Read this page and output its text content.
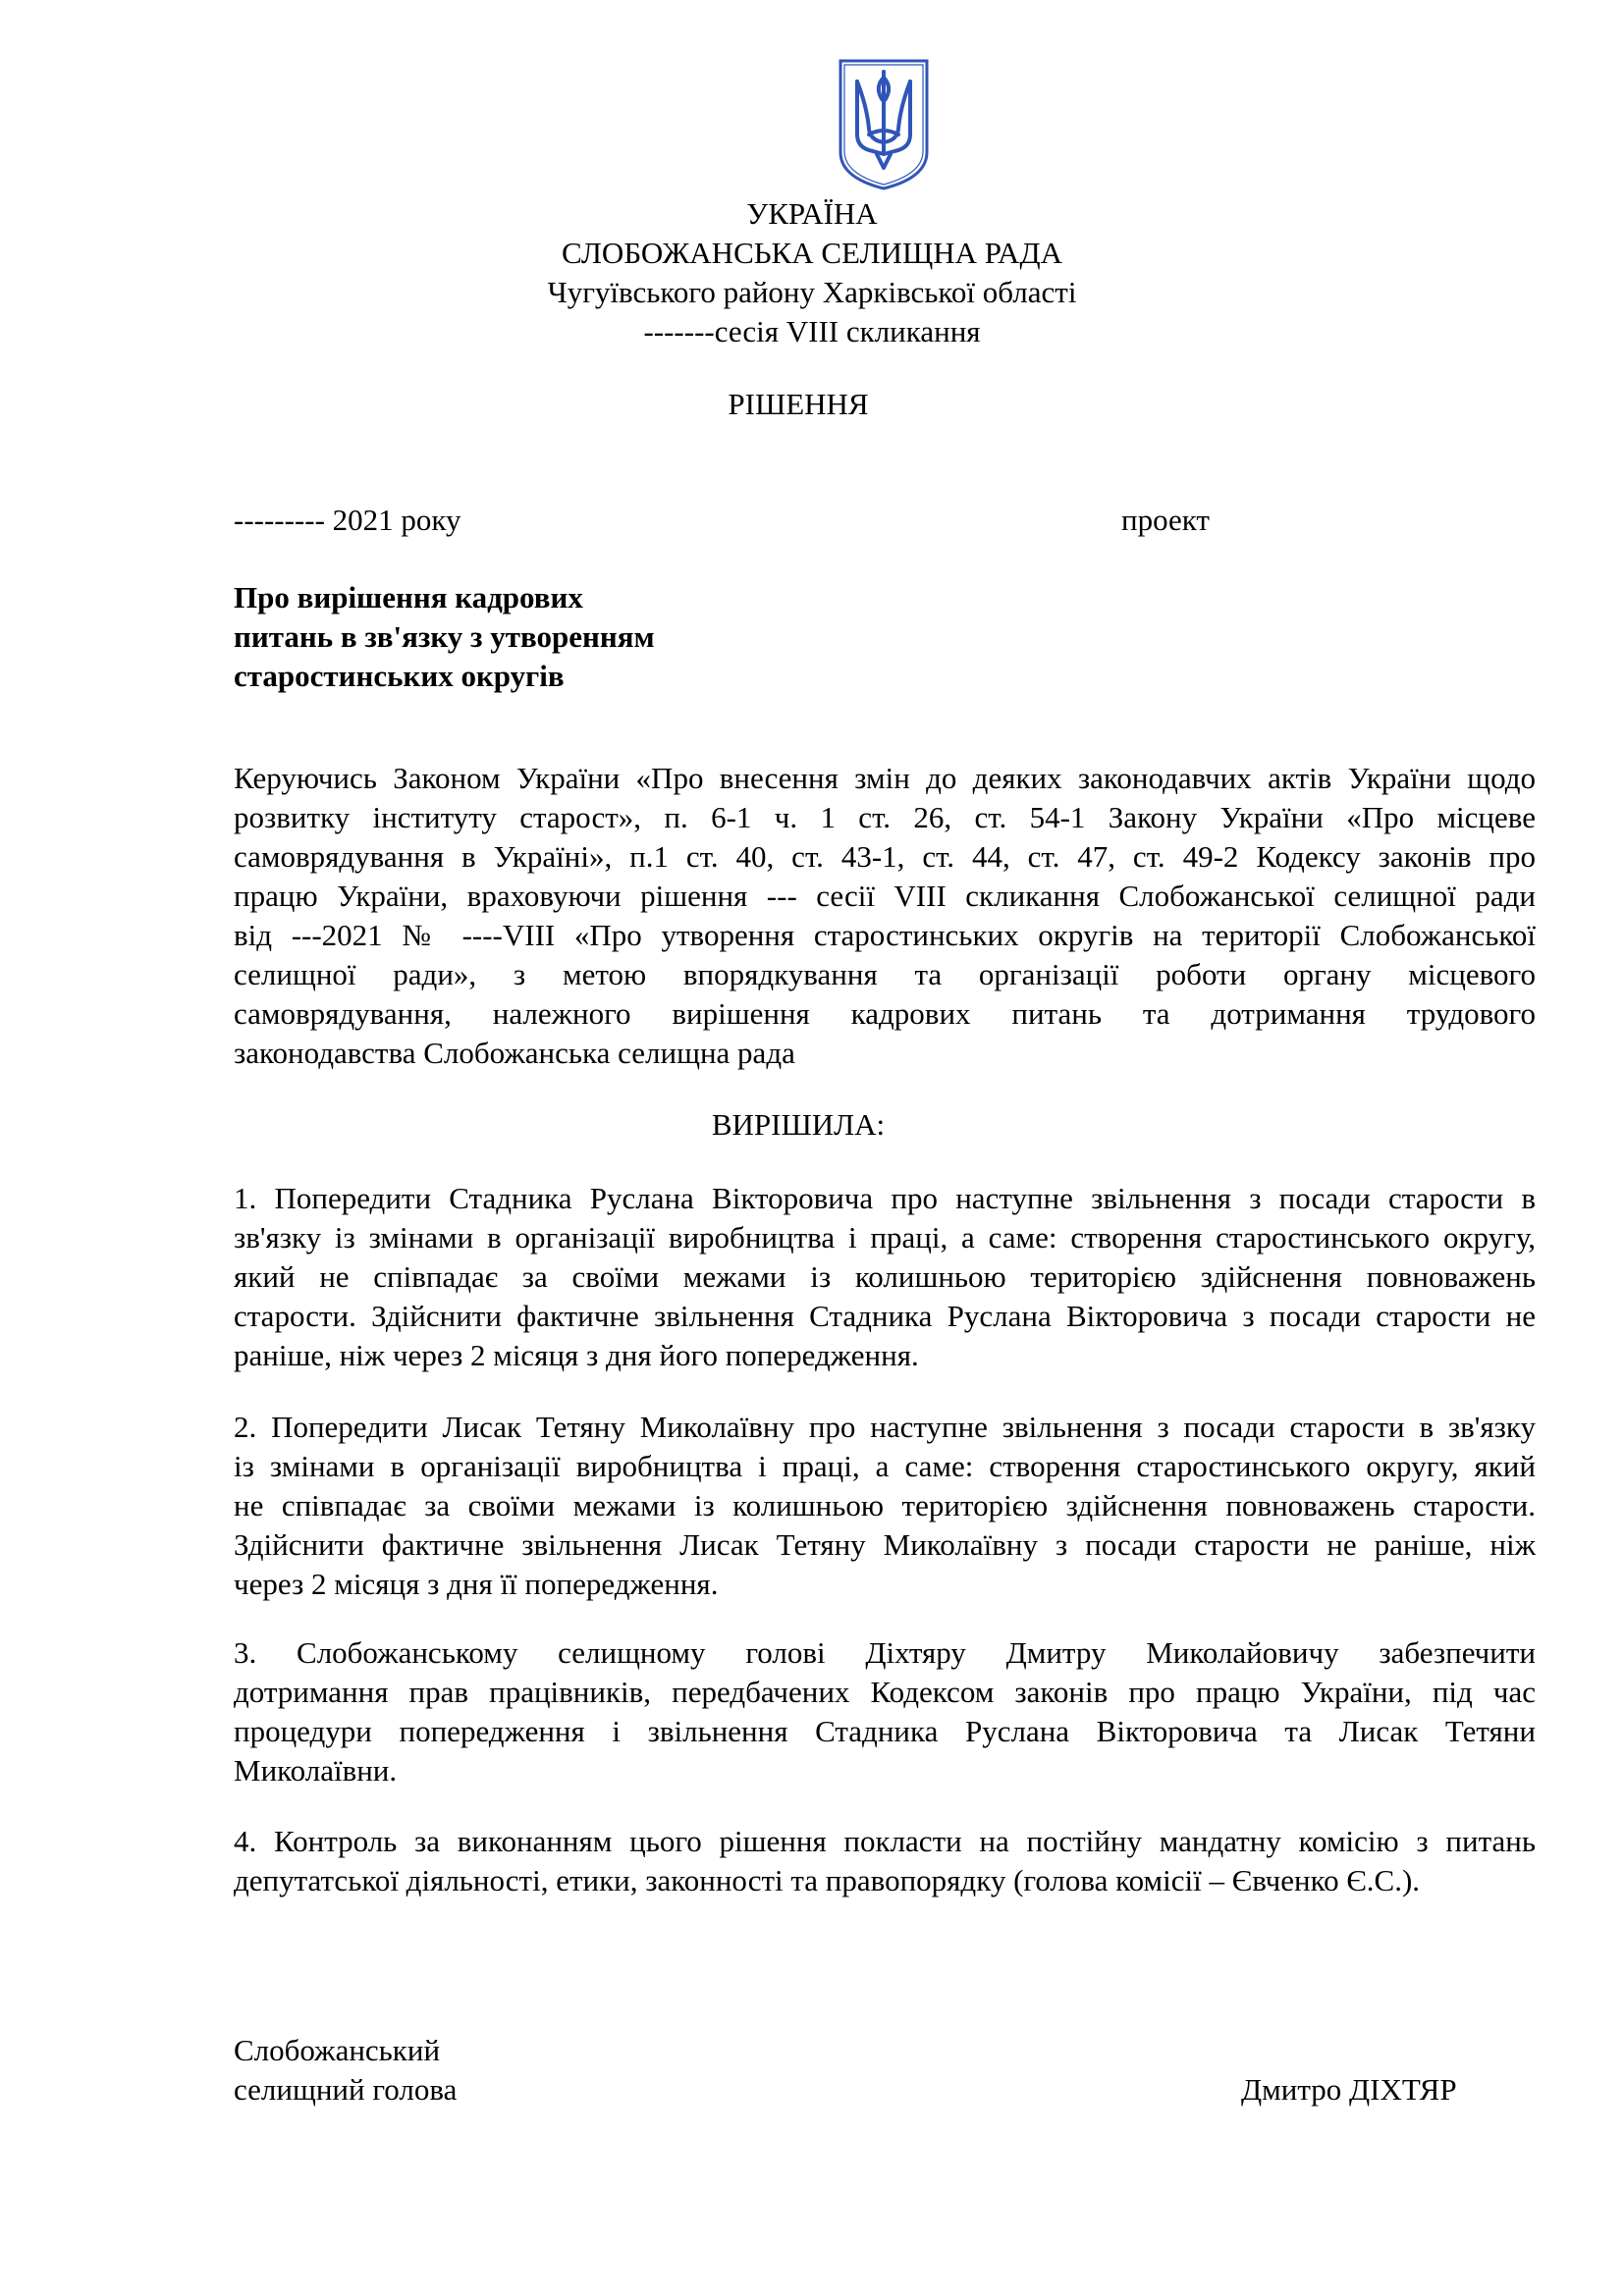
УКРАЇНА
СЛОБОЖАНСЬКА СЕЛИЩНА РАДА
Чугуївського району Харківської області
-------сесія VIII скликання
РІШЕННЯ
--------- 2021 року	проект
Про вирішення кадрових
питань в зв'язку з утворенням
старостинських округів
Керуючись Законом України «Про внесення змін до деяких законодавчих актів України щодо
розвитку інституту старост», п. 6-1 ч. 1 ст. 26, ст. 54-1 Закону України «Про місцеве
самоврядування в Україні», п.1 ст. 40, ст. 43-1, ст. 44, ст. 47, ст. 49-2 Кодексу законів про
працю України, враховуючи рішення --- сесії VIII скликання Слобожанської селищної ради
від ---2021 № ----VIII «Про утворення старостинських округів на території Слобожанської
селищної ради», з метою впорядкування та організації роботи органу місцевого
самоврядування, належного вирішення кадрових питань та дотримання трудового
законодавства Слобожанська селищна рада
ВИРІШИЛА:
1. Попередити Стадника Руслана Вікторовича про наступне звільнення з посади старости в
зв'язку із змінами в організації виробництва і праці, а саме: створення старостинського округу,
який не співпадає за своїми межами із колишньою територією здійснення повноважень
старости. Здійснити фактичне звільнення Стадника Руслана Вікторовича з посади старости не
раніше, ніж через 2 місяця з дня його попередження.
2. Попередити Лисак Тетяну Миколаївну про наступне звільнення з посади старости в зв'язку
із змінами в організації виробництва і праці, а саме: створення старостинського округу, який
не співпадає за своїми межами із колишньою територією здійснення повноважень старости.
Здійснити фактичне звільнення Лисак Тетяну Миколаївну з посади старости не раніше, ніж
через 2 місяця з дня її попередження.
3. Слобожанському селищному голові Діхтяру Дмитру Миколайовичу забезпечити
дотримання прав працівників, передбачених Кодексом законів про працю України, під час
процедури попередження і звільнення Стадника Руслана Вікторовича та Лисак Тетяни
Миколаївни.
4. Контроль за виконанням цього рішення покласти на постійну мандатну комісію з питань
депутатської діяльності, етики, законності та правопорядку (голова комісії – Євченко Є.С.).
Слобожанський
селищний голова	Дмитро ДІХТЯР
